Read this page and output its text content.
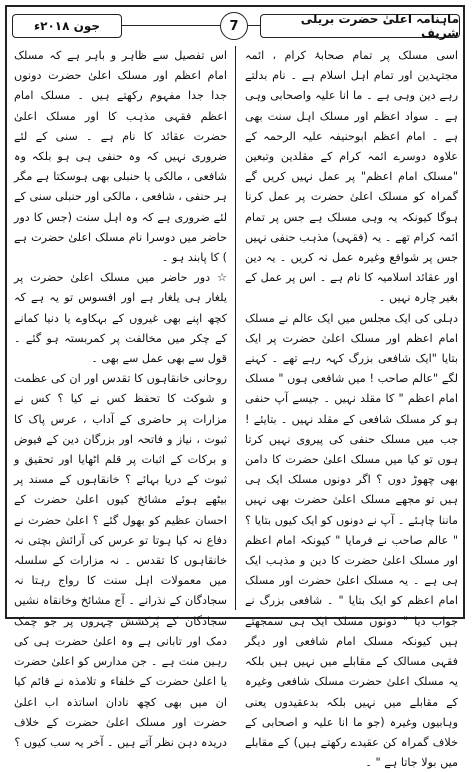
جون ۲۰۱۸ء	7	ماہنامہ اعلیٰ حضرت بریلی شریف

اسی مسلک پر تمام صحابۂ کرام ، ائمہ مجتہدین اور تمام اہل اسلام ہے ۔ نام بدلتے رہے دین وہی ہے ۔ ما انا علیہ واصحابی وہی ہے ۔ سواد اعظم اور مسلک اہل سنت بھی ہے ۔ امام اعظم ابوحنیفہ علیہ الرحمہ کے علاوہ دوسرے ائمہ کرام کے مقلدین وتبعین "مسلک امام اعظم" پر عمل نہیں کریں گے گمراہ کو مسلک اعلیٰ حضرت پر عمل کرنا ہوگا کیونکہ یہ وہی مسلک ہے جس پر تمام ائمہ کرام تھے ۔ یہ (فقہی) مذہب حنفی نہیں جس پر شوافع وغیرہ عمل نہ کریں ۔ یہ دین اور عقائد اسلامیہ کا نام ہے ۔ اس پر عمل کے بغیر چارہ نہیں ۔

دہلی کی ایک مجلس میں ایک عالم نے مسلک امام اعظم اور مسلک اعلیٰ حضرت پر ایک بتایا "ایک شافعی بزرگ کہہ رہے تھے ۔ کہنے لگے "عالم صاحب ! میں شافعی ہوں " مسلک امام اعظم " کا مقلد نہیں ۔ جیسے آپ حنفی ہو کر مسلک شافعی کے مقلد نہیں ۔ بتایئے ! جب میں مسلک حنفی کی پیروی نہیں کرتا ہوں تو کیا میں مسلک اعلیٰ حضرت کا دامن بھی چھوڑ دوں ؟ اگر دونوں مسلک ایک ہی ہیں تو مجھے مسلک اعلیٰ حضرت بھی نہیں ماننا چاہئے ۔ آپ نے دونوں کو ایک کیوں بتایا ؟ " عالم صاحب نے فرمایا " کیونکہ امام اعظم اور مسلک اعلیٰ حضرت کا دین و مذہب ایک ہی ہے ۔ یہ مسلک اعلیٰ حضرت اور مسلک امام اعظم کو ایک بتایا " ۔ شافعی بزرگ نے جواب دیا " دونوں مسلک ایک ہی سمجھتے ہیں کیونکہ مسلک امام شافعی اور دیگر فقہی مسالک کے مقابلے میں نہیں ہیں بلکہ یہ مسلک اعلیٰ حضرت مسلک شافعی وغیرہ کے مقابلے میں نہیں بلکہ بدعقیدوں یعنی وہابیوں وغیرہ (جو ما انا علیہ و اصحابی کے خلاف گمراہ کن عقیدے رکھتے ہیں) کے مقابلے میں بولا جاتا ہے " ۔

اس تفصیل سے ظاہر و باہر ہے کہ مسلک امام اعظم اور مسلک اعلیٰ حضرت دونوں جدا جدا مفہوم رکھتے ہیں ۔ مسلک امام اعظم فقہی مذہب کا اور مسلک اعلیٰ حضرت عقائد کا نام ہے ۔ سنی کے لئے ضروری نہیں کہ وہ حنفی ہی ہو بلکہ وہ شافعی ، مالکی یا حنبلی بھی ہوسکتا ہے مگر ہر حنفی ، شافعی ، مالکی اور حنبلی سنی کے لئے ضروری ہے کہ وہ اہل سنت (جس کا دور حاضر میں دوسرا نام مسلک اعلیٰ حضرت ہے ) کا پابند ہو ۔

☆ دور حاضر میں مسلک اعلیٰ حضرت پر یلغار ہی یلغار ہے اور افسوس تو یہ ہے کہ کچھ اپنے بھی غیروں کے بہکاوے یا دنیا کمانے کے چکر میں مخالفت پر کمربستہ ہو گئے ۔ قول سے بھی عمل سے بھی ۔

روحانی خانقاہوں کا تقدس اور ان کی عظمت و شوکت کا تحفظ کس نے کیا ؟ کس نے مزارات پر حاضری کے آداب ، عرس پاک کا ثبوت ، نیاز و فاتحہ اور بزرگان دین کے فیوض و برکات کے اثبات پر قلم اٹھایا اور تحقیق و ثبوت کے دریا بہائے ؟ خانقاہوں کے مسند پر بیٹھے ہوئے مشائخ کیوں اعلیٰ حضرت کے احسان عظیم کو بھول گئے ؟ اعلیٰ حضرت نے دفاع نہ کیا ہوتا تو عرس کی آرائش بچتی نہ خانقاہوں کا تقدس ۔ نہ مزارات کے سلسلہ میں معمولات اہل سنت کا رواج رہتا نہ سجادگان کے نذرانے ۔ آج مشائخ وخانقاہ نشیں سجادگان کے پُرکشش چہروں پر جو چمک دمک اور تابانی ہے وہ اعلیٰ حضرت ہی کی رہین منت ہے ۔ جن مدارس کو اعلیٰ حضرت یا اعلیٰ حضرت کے خلفاء و تلامذہ نے قائم کیا ان میں بھی کچھ نادان اساتذہ اب اعلیٰ حضرت اور مسلک اعلیٰ حضرت کے خلاف دریدہ دہن نظر آتے ہیں ۔ آخر یہ سب کیوں ؟
